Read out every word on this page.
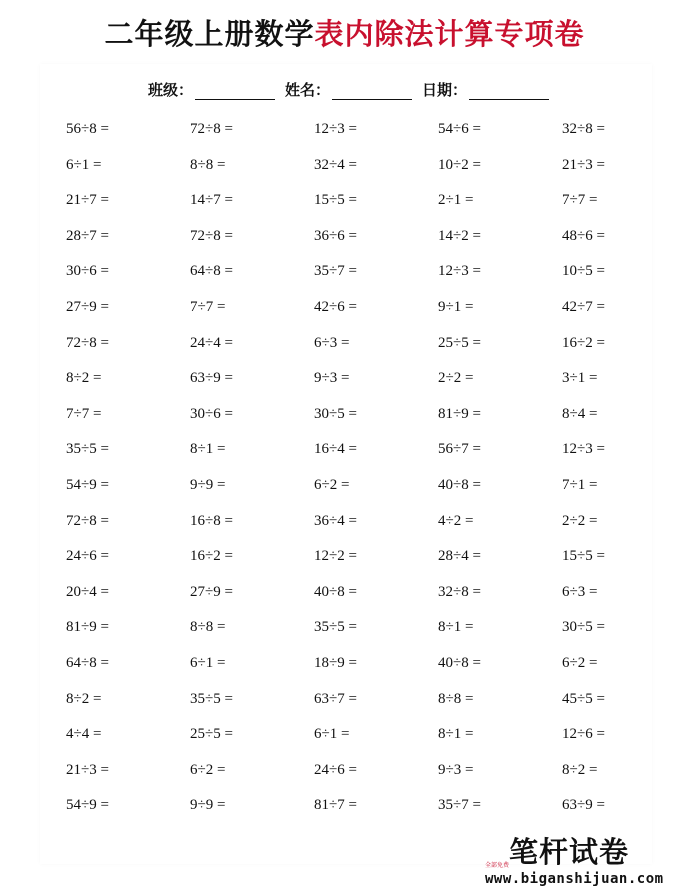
二年级上册数学表内除法计算专项卷
班级：	姓名：	日期：
56÷8 =	72÷8 =	12÷3 =	54÷6 =	32÷8 =
6÷1 =	8÷8 =	32÷4 =	10÷2 =	21÷3 =
21÷7 =	14÷7 =	15÷5 =	2÷1 =	7÷7 =
28÷7 =	72÷8 =	36÷6 =	14÷2 =	48÷6 =
30÷6 =	64÷8 =	35÷7 =	12÷3 =	10÷5 =
27÷9 =	7÷7 =	42÷6 =	9÷1 =	42÷7 =
72÷8 =	24÷4 =	6÷3 =	25÷5 =	16÷2 =
8÷2 =	63÷9 =	9÷3 =	2÷2 =	3÷1 =
7÷7 =	30÷6 =	30÷5 =	81÷9 =	8÷4 =
35÷5 =	8÷1 =	16÷4 =	56÷7 =	12÷3 =
54÷9 =	9÷9 =	6÷2 =	40÷8 =	7÷1 =
72÷8 =	16÷8 =	36÷4 =	4÷2 =	2÷2 =
24÷6 =	16÷2 =	12÷2 =	28÷4 =	15÷5 =
20÷4 =	27÷9 =	40÷8 =	32÷8 =	6÷3 =
81÷9 =	8÷8 =	35÷5 =	8÷1 =	30÷5 =
64÷8 =	6÷1 =	18÷9 =	40÷8 =	6÷2 =
8÷2 =	35÷5 =	63÷7 =	8÷8 =	45÷5 =
4÷4 =	25÷5 =	6÷1 =	8÷1 =	12÷6 =
21÷3 =	6÷2 =	24÷6 =	9÷3 =	8÷2 =
54÷9 =	9÷9 =	81÷7 =	35÷7 =	63÷9 =
笔杆试卷
全部免费
www.biganshijuan.com
